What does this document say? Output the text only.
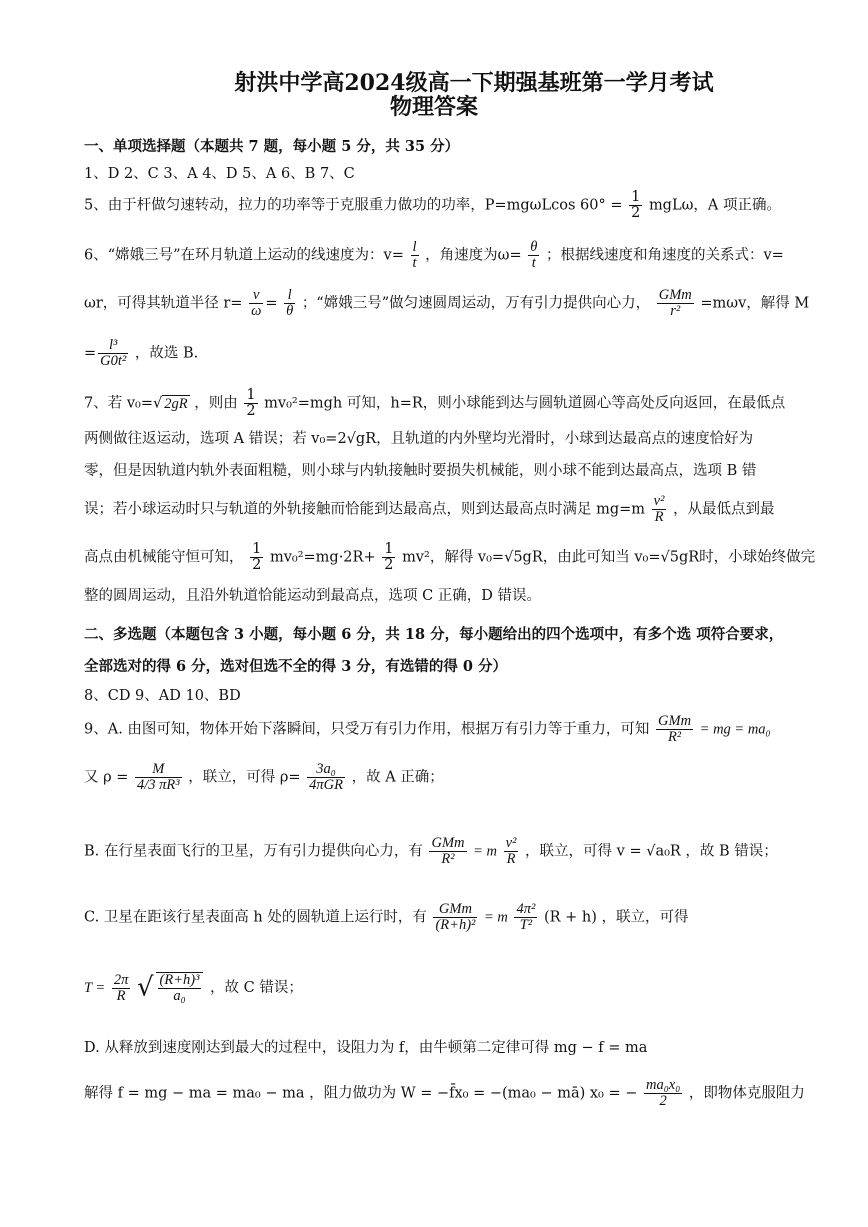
射洪中学高2024级高一下期强基班第一学月考试
物理答案
一、单项选择题（本题共 7 题，每小题 5 分，共 35 分）
1、D 2、C 3、A 4、D 5、A 6、B 7、C
5、由于杆做匀速转动，拉力的功率等于克服重力做功的功率，P=mgωLcos $60^\circ = \frac{1}{2}$ mgLω，A 项正确。
6、“嫦娥三号”在环月轨道上运动的线速度为：$v= \frac{l}{t}$ ，角速度为$\omega= \frac{\theta}{t}$ ；根据线速度和角速度的关系式：v=
ωr，可得其轨道半径 $r= \frac{v}{\omega} = \frac{l}{\theta}$ ；“嫦娥三号”做匀速圆周运动，万有引力提供向心力， $\frac{\text{GMm}}{\text{r²}} =m\omega v$，解得 M
= $\frac{\text{l³}}{\text{G0t²}}$ ，故选 B.
7、若 v₀=√ 2gR ，则由 $\frac{1}{2} mv_0^2=mgh$ 可知，h=R，则小球能到达与圆轨道圆心等高处反向返回，在最低点
两侧做往返运动，选项 A 错误；若 v₀=2√gR，且轨道的内外壁均光滑时，小球到达最高点的速度恰好为
零，但是因轨道内轨外表面粗糙，则小球与内轨接触时要损失机械能，则小球不能到达最高点，选项 B 错
误；若小球运动时只与轨道的外轨接触而恰能到达最高点，则到达最高点时满足 $mg=m \frac{\text{v²}}{R}$ ，从最低点到最
高点由机械能守恒可知， $\frac{1}{2} mv_0^2=mg\cdot 2R+ \frac{1}{2} mv^2$，解得 v₀=√5gR，由此可知当 v₀=√5gR时，小球始终做完
整的圆周运动，且沿外轨道恰能运动到最高点，选项 C 正确，D 错误。
二、多选题（本题包含 3 小题，每小题 6 分，共 18 分，每小题给出的四个选项中，有多个选 项符合要求，
全部选对的得 6 分，选对但选不全的得 3 分，有选错的得 0 分）
8、CD 9、AD 10、BD
9、A. 由图可知，物体开始下落瞬间，只受万有引力作用，根据万有引力等于重力，可知 $\frac{\text{GMm}}{\text{R²}}$ = mg = ma₀
又 $\rho = \frac{M}{\text{4/3 πR³}}$ ，联立，可得 $\rho= \frac{\text{3a₀}}{\text{4πGR}}$ ，故 A 正确；
B. 在行星表面飞行的卫星，万有引力提供向心力，有 $\frac{\text{GMm}}{\text{R²}} = m \frac{\text{v²}}{R}$ ，联立，可得 v = √a₀R ，故 B 错误；
C. 卫星在距该行星表面高 h 处的圆轨道上运行时，有 $\frac{\text{GMm}}{\text{(R+h)²}} = m \frac{\text{4π²}}{\text{T²}} (R + h)$ ，联立，可得
$T = \frac{2\pi}{R}$ √ $\frac{\text{(R+h)³}}{\text{a₀}}$ ，故 C 错误；
D. 从释放到速度刚达到最大的过程中，设阻力为 f，由牛顿第二定律可得 mg − f = ma
解得 f = mg − ma = ma₀ − ma ，阻力做功为 W = −f̄x₀ = −(ma₀ − mā) x₀ = − $\frac{\text{ma₀x₀}}{2}$ ，即物体克服阻力
